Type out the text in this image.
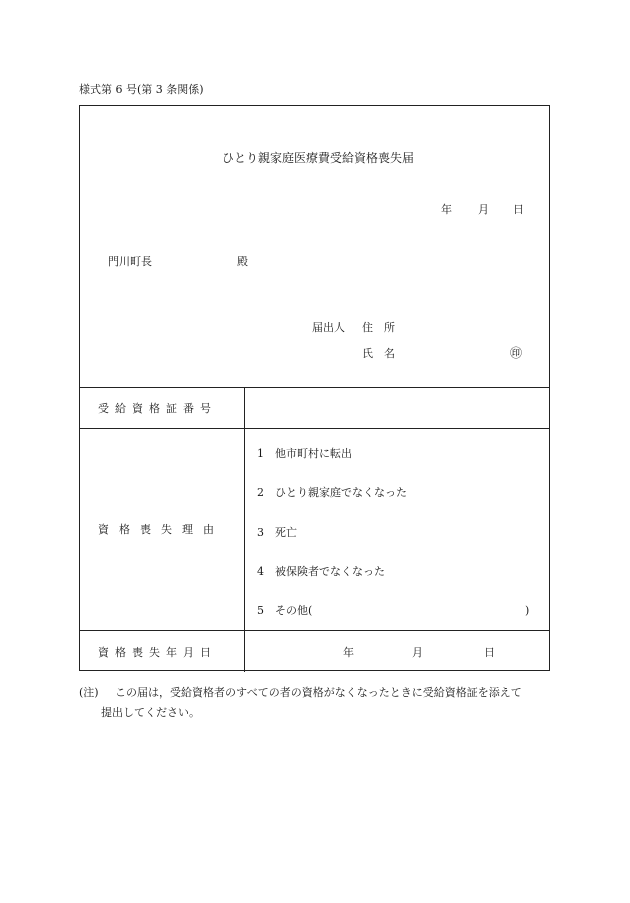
様式第 6 号(第 3 条関係)
ひとり親家庭医療費受給資格喪失届
年 月 日
門川町長	殿
届出人 住　所
氏　名	㊞
受給資格証番号
資格喪失理由
1　他市町村に転出
2　ひとり親家庭でなくなった
3　死亡
4　被保険者でなくなった
5　その他(	)
資格喪失年月日	年	月	日
(注) この届は，受給資格者のすべての者の資格がなくなったときに受給資格証を添えて
提出してください。
